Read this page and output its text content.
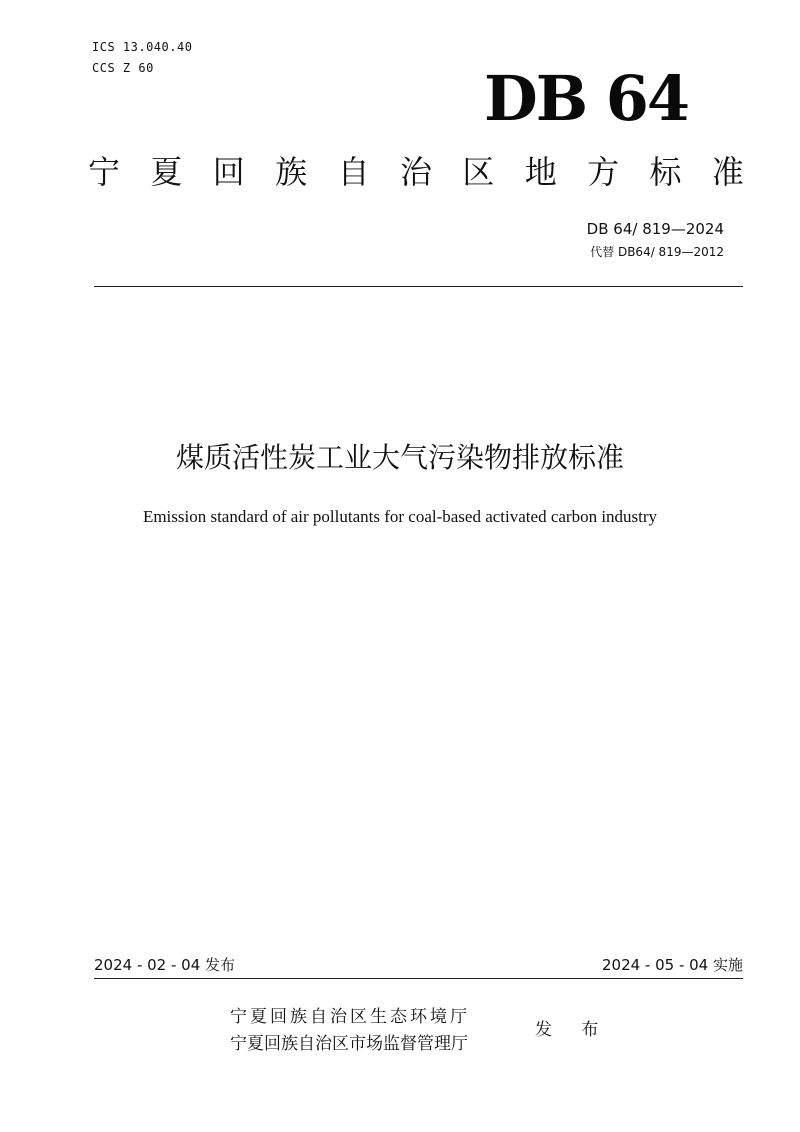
ICS 13.040.40
CCS Z 60	DB 64
宁 夏 回 族 自 治 区 地 方 标 准
DB 64/ 819—2024
代替 DB64/ 819—2012
煤质活性炭工业大气污染物排放标准
Emission standard of air pollutants for coal-based activated carbon industry
2024 - 02 - 04 发布	2024 - 05 - 04 实施
宁夏回族自治区生态环境厅
宁夏回族自治区市场监督管理厅
发 布
